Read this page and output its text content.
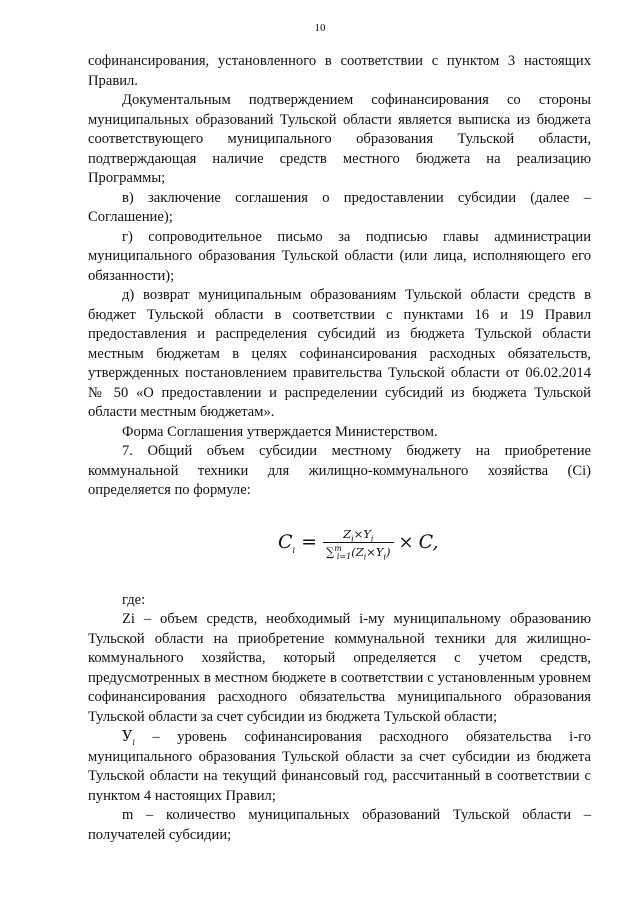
10

софинансирования, установленного в соответствии с пунктом 3 настоящих Правил.

Документальным подтверждением софинансирования со стороны муниципальных образований Тульской области является выписка из бюджета соответствующего муниципального образования Тульской области, подтверждающая наличие средств местного бюджета на реализацию Программы;

в) заключение соглашения о предоставлении субсидии (далее – Соглашение);

г) сопроводительное письмо за подписью главы администрации муниципального образования Тульской области (или лица, исполняющего его обязанности);

д) возврат муниципальным образованиям Тульской области средств в бюджет Тульской области в соответствии с пунктами 16 и 19 Правил предоставления и распределения субсидий из бюджета Тульской области местным бюджетам в целях софинансирования расходных обязательств, утвержденных постановлением правительства Тульской области от 06.02.2014 № 50 «О предоставлении и распределении субсидий из бюджета Тульской области местным бюджетам».

Форма Соглашения утверждается Министерством.

7. Общий объем субсидии местному бюджету на приобретение коммунальной техники для жилищно-коммунального хозяйства (Ci) определяется по формуле:

$C_i = \frac{Z_i\times Y_i}{\sum^m_{i=1}(Z_i\times Y_i)} \times C$,

где:

Zi – объем средств, необходимый i-му муниципальному образованию Тульской области на приобретение коммунальной техники для жилищно-коммунального хозяйства, который определяется с учетом средств, предусмотренных в местном бюджете в соответствии с установленным уровнем софинансирования расходного обязательства муниципального образования Тульской области за счет субсидии из бюджета Тульской области;

$У_i$ – уровень софинансирования расходного обязательства i-го муниципального образования Тульской области за счет субсидии из бюджета Тульской области на текущий финансовый год, рассчитанный в соответствии с пунктом 4 настоящих Правил;

m – количество муниципальных образований Тульской области – получателей субсидии;
